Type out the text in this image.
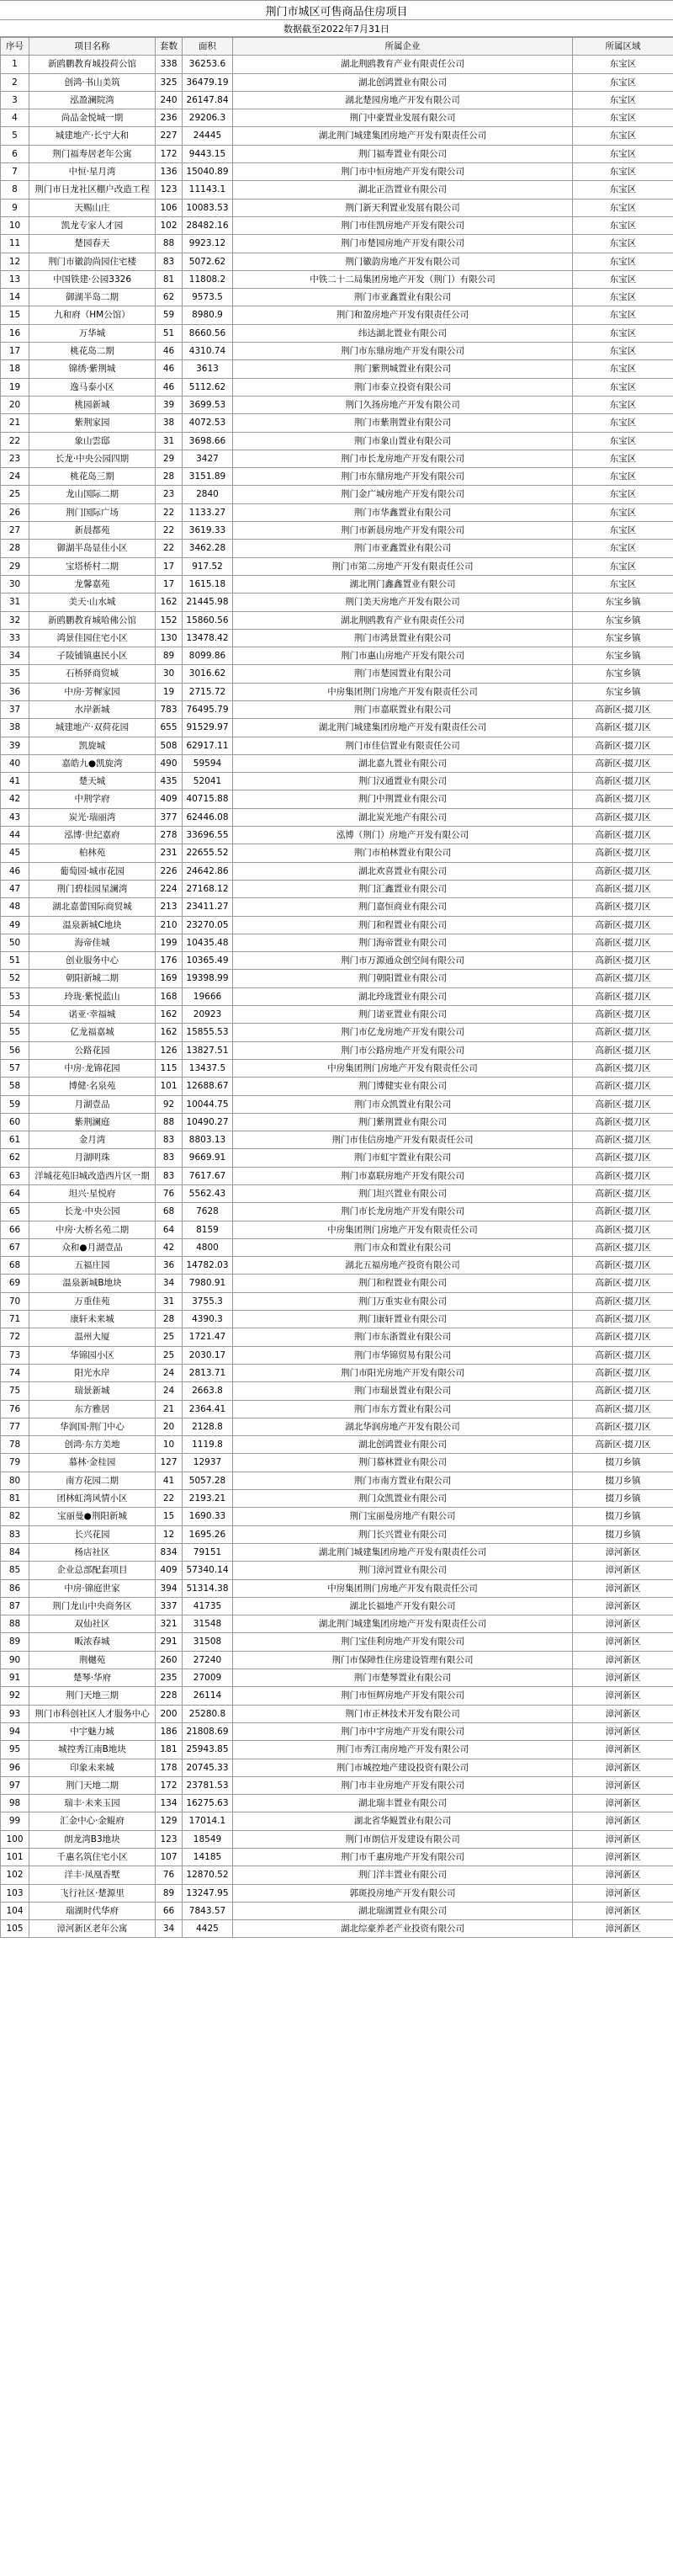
荆门市城区可售商品住房项目
数据截至2022年7月31日
序号	项目名称	套数	面积	所属企业	所属区域
1	新鸥鹏教育城投荷公馆	338	36253.6	湖北荆鸥教育产业有限责任公司	东宝区
2	创鸿·书山美筑	325	36479.19	湖北创鸿置业有限公司	东宝区
3	泓盈澜院湾	240	26147.84	湖北楚园房地产开发有限公司	东宝区
4	尚品金悦城一期	236	29206.3	荆门中豪置业发展有限公司	东宝区
5	城建地产·长宁大和	227	24445	湖北荆门城建集团房地产开发有限责任公司	东宝区
6	荆门福寿居老年公寓	172	9443.15	荆门福寿置业有限公司	东宝区
7	中恒·星月湾	136	15040.89	荆门市中恒房地产开发有限公司	东宝区
8	荆门市日龙社区棚户改造工程	123	11143.1	湖北正浩置业有限公司	东宝区
9	天赐山庄	106	10083.53	荆门新天利置业发展有限公司	东宝区
10	凯龙专家人才园	102	28482.16	荆门市佳凯房地产开发有限公司	东宝区
11	楚园春天	88	9923.12	荆门市楚园房地产开发有限公司	东宝区
12	荆门市徽韵尚园住宅楼	83	5072.62	荆门徽韵房地产开发有限公司	东宝区
13	中国铁建·公园3326	81	11808.2	中铁二十二局集团房地产开发（荆门）有限公司	东宝区
14	御湖半岛二期	62	9573.5	荆门市亚鑫置业有限公司	东宝区
15	九和府（HM公馆）	59	8980.9	荆门和盈房地产开发有限责任公司	东宝区
16	万华城	51	8660.56	纬达湖北置业有限公司	东宝区
17	桃花岛二期	46	4310.74	荆门市东鼎房地产开发有限公司	东宝区
18	锦绣·紫荆城	46	3613	荆门紫荆城置业有限公司	东宝区
19	逸马泰小区	46	5112.62	荆门市泰立投资有限公司	东宝区
20	桃园新城	39	3699.53	荆门久扬房地产开发有限公司	东宝区
21	紫荆家园	38	4072.53	荆门市紫荆置业有限公司	东宝区
22	象山雲邸	31	3698.66	荆门市象山置业有限公司	东宝区
23	长龙·中央公园四期	29	3427	荆门市长龙房地产开发有限公司	东宝区
24	桃花岛三期	28	3151.89	荆门市东鼎房地产开发有限公司	东宝区
25	龙山国际二期	23	2840	荆门金广城房地产开发有限公司	东宝区
26	荆门国际广场	22	1133.27	荆门市华鑫置业有限公司	东宝区
27	新晨都苑	22	3619.33	荆门市新晨房地产开发有限公司	东宝区
28	御湖半岛显佳小区	22	3462.28	荆门市亚鑫置业有限公司	东宝区
29	宝塔桥村二期	17	917.52	荆门市第二房地产开发有限责任公司	东宝区
30	龙馨嘉苑	17	1615.18	湖北荆门鑫鑫置业有限公司	东宝区
31	美天·山水城	162	21445.98	荆门美天房地产开发有限公司	东宝乡镇
32	新鸥鹏教育城哈佛公馆	152	15860.56	湖北荆鸥教育产业有限责任公司	东宝乡镇
33	鸿景佳园住宅小区	130	13478.42	荆门市鸿景置业有限公司	东宝乡镇
34	子陵铺镇惠民小区	89	8099.86	荆门市惠山房地产开发有限公司	东宝乡镇
35	石桥驿商贸城	30	3016.62	荆门市楚园置业有限公司	东宝乡镇
36	中房·芳樨家园	19	2715.72	中房集团荆门房地产开发有限责任公司	东宝乡镇
37	水岸新城	783	76495.79	荆门市嘉联置业有限公司	高新区·掇刀区
38	城建地产·双荷花园	655	91529.97	湖北荆门城建集团房地产开发有限责任公司	高新区·掇刀区
39	凯旋城	508	62917.11	荆门市佳信置业有限责任公司	高新区·掇刀区
40	嘉皓九●凯旋湾	490	59594	湖北嘉九置业有限公司	高新区·掇刀区
41	楚天城	435	52041	荆门汉通置业有限公司	高新区·掇刀区
42	中荆学府	409	40715.88	荆门中荆置业有限公司	高新区·掇刀区
43	炭光·瑞丽湾	377	62446.08	湖北炭光地产有限公司	高新区·掇刀区
44	泓博·世纪嘉府	278	33696.55	泓博（荆门）房地产开发有限公司	高新区·掇刀区
45	柏林苑	231	22655.52	荆门市柏林置业有限公司	高新区·掇刀区
46	葡萄园·城市花园	226	24642.86	湖北欢喜置业有限公司	高新区·掇刀区
47	荆门碧桂园星澜湾	224	27168.12	荆门汇鑫置业有限公司	高新区·掇刀区
48	湖北嘉蕾国际商贸城	213	23411.27	荆门嘉恒商业有限公司	高新区·掇刀区
49	温泉新城C地块	210	23270.05	荆门和程置业有限公司	高新区·掇刀区
50	海帝佳城	199	10435.48	荆门海帝置业有限公司	高新区·掇刀区
51	创业服务中心	176	10365.49	荆门市万源通众创空间有限公司	高新区·掇刀区
52	朝阳新城二期	169	19398.99	荆门朝阳置业有限公司	高新区·掇刀区
53	玲珑·紫悦蓝山	168	19666	湖北玲珑置业有限公司	高新区·掇刀区
54	诺亚·幸福城	162	20923	荆门诺亚置业有限公司	高新区·掇刀区
55	亿龙福嘉城	162	15855.53	荆门市亿龙房地产开发有限公司	高新区·掇刀区
56	公路花园	126	13827.51	荆门市公路房地产开发有限公司	高新区·掇刀区
57	中房·龙锦花园	115	13437.5	中房集团荆门房地产开发有限责任公司	高新区·掇刀区
58	博健·名泉苑	101	12688.67	荆门博健实业有限公司	高新区·掇刀区
59	月湖壹品	92	10044.75	荆门市众凯置业有限公司	高新区·掇刀区
60	紫荆澜庭	88	10490.27	荆门紫荆置业有限公司	高新区·掇刀区
61	金月湾	83	8803.13	荆门市佳信房地产开发有限责任公司	高新区·掇刀区
62	月湖明珠	83	9669.91	荆门市虹宇置业有限公司	高新区·掇刀区
63	洋城花苑旧城改造西片区一期	83	7617.67	荆门市嘉联房地产开发有限公司	高新区·掇刀区
64	坦兴·星悦府	76	5562.43	荆门坦兴置业有限公司	高新区·掇刀区
65	长龙·中央公园	68	7628	荆门市长龙房地产开发有限公司	高新区·掇刀区
66	中房·大桥名苑二期	64	8159	中房集团荆门房地产开发有限责任公司	高新区·掇刀区
67	众和●月湖壹品	42	4800	荆门市众和置业有限公司	高新区·掇刀区
68	五福庄园	36	14782.03	湖北五福房地产投资有限公司	高新区·掇刀区
69	温泉新城B地块	34	7980.91	荆门和程置业有限公司	高新区·掇刀区
70	万重佳苑	31	3755.3	荆门万重实业有限公司	高新区·掇刀区
71	康轩未来城	28	4390.3	荆门康轩置业有限公司	高新区·掇刀区
72	温州大厦	25	1721.47	荆门市东浙置业有限公司	高新区·掇刀区
73	华锦园小区	25	2030.17	荆门市华锦贸易有限公司	高新区·掇刀区
74	阳光水岸	24	2813.71	荆门市阳光房地产开发有限公司	高新区·掇刀区
75	瑞景新城	24	2663.8	荆门市瑞景置业有限公司	高新区·掇刀区
76	东方雅居	21	2364.41	荆门市东方置业有限公司	高新区·掇刀区
77	华润国·荆门中心	20	2128.8	湖北华润房地产开发有限公司	高新区·掇刀区
78	创鸿·东方美地	10	1119.8	湖北创鸿置业有限公司	高新区·掇刀区
79	慕林·金桂园	127	12937	荆门慕林置业有限公司	掇刀乡镇
80	南方花园二期	41	5057.28	荆门市南方置业有限公司	掇刀乡镇
81	团林虹湾风情小区	22	2193.21	荆门众凯置业有限公司	掇刀乡镇
82	宝丽曼●荆阳新城	15	1690.33	荆门宝丽曼房地产有限公司	掇刀乡镇
83	长兴花园	12	1695.26	荆门长兴置业有限公司	掇刀乡镇
84	杨店社区	834	79151	湖北荆门城建集团房地产开发有限责任公司	漳河新区
85	企业总部配套项目	409	57340.14	荆门漳河置业有限公司	漳河新区
86	中房·锦庭世家	394	51314.38	中房集团荆门房地产开发有限责任公司	漳河新区
87	荆门龙山中央商务区	337	41735	湖北长福地产开发有限公司	漳河新区
88	双仙社区	321	31548	湖北荆门城建集团房地产开发有限责任公司	漳河新区
89	畈浓春城	291	31508	荆门宝佳利房地产开发有限公司	漳河新区
90	荆樾苑	260	27240	荆门市保障性住房建设管理有限公司	漳河新区
91	楚琴·华府	235	27009	荆门市楚琴置业有限公司	漳河新区
92	荆门天地三期	228	26114	荆门市恒辉房地产开发有限公司	漳河新区
93	荆门市科创社区人才服务中心	200	25280.8	荆门市正林技术开发有限公司	漳河新区
94	中宇魅力城	186	21808.69	荆门市中宇房地产开发有限公司	漳河新区
95	城控秀江南B地块	181	25943.85	荆门市秀江南房地产开发有限公司	漳河新区
96	印象未来城	178	20745.33	荆门市城控地产建设投资有限公司	漳河新区
97	荆门天地二期	172	23781.53	荆门市丰业房地产开发有限公司	漳河新区
98	瑞丰·未来玉园	134	16275.63	湖北瑞丰置业有限公司	漳河新区
99	汇金中心·金鲲府	129	17014.1	湖北省华鲲置业有限公司	漳河新区
100	朗龙湾B3地块	123	18549	荆门市朗信开发建设有限公司	漳河新区
101	千惠名筑住宅小区	107	14185	荆门市千惠房地产开发有限公司	漳河新区
102	洋丰·凤凰香墅	76	12870.52	荆门洋丰置业有限公司	漳河新区
103	飞行社区·楚源里	89	13247.95	郭斑投房地产开发有限公司	漳河新区
104	瑞湖时代华府	66	7843.57	湖北瑞湖置业有限公司	漳河新区
105	漳河新区老年公寓	34	4425	湖北综豪养老产业投资有限公司	漳河新区
